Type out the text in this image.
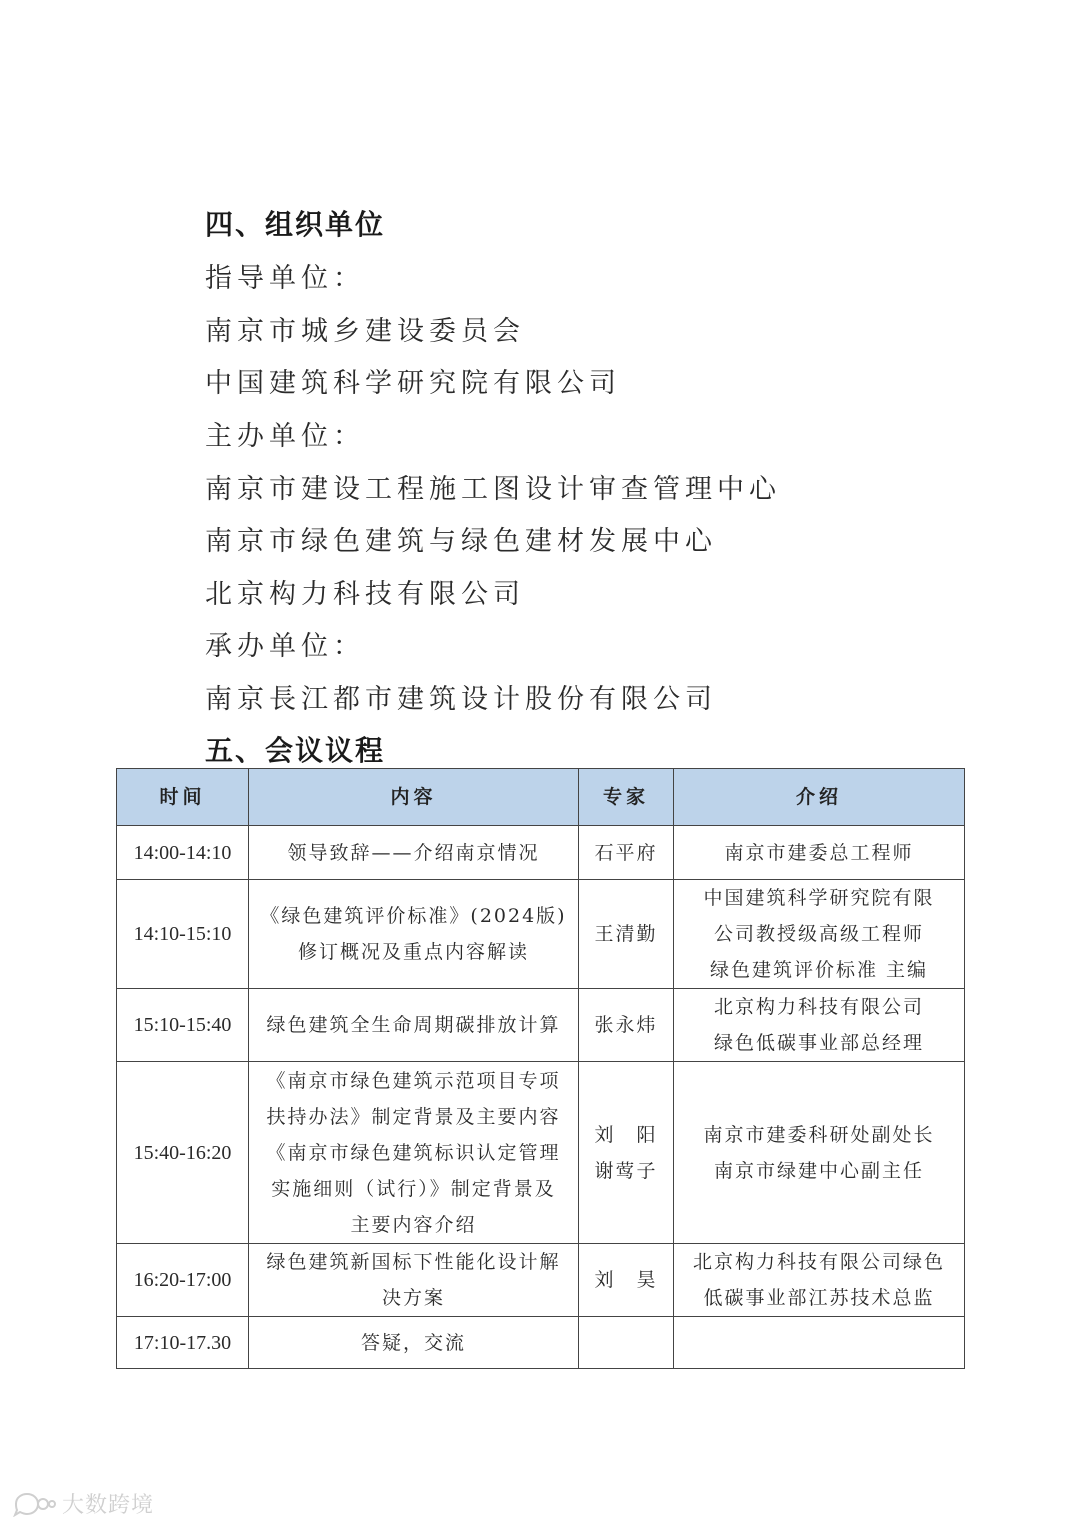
四、组织单位
指导单位：
南京市城乡建设委员会
中国建筑科学研究院有限公司
主办单位：
南京市建设工程施工图设计审查管理中心
南京市绿色建筑与绿色建材发展中心
北京构力科技有限公司
承办单位：
南京長江都市建筑设计股份有限公司
五、会议议程
时间	内容	专家	介绍
14:00-14:10	领导致辞——介绍南京情况	石平府	南京市建委总工程师

14:10-15:10	《绿色建筑评价标准》(2024版)
修订概况及重点内容解读	王清勤	中国建筑科学研究院有限
公司教授级高级工程师
绿色建筑评价标准 主编

15:10-15:40	绿色建筑全生命周期碳排放计算	张永炜	北京构力科技有限公司
绿色低碳事业部总经理

15:40-16:20	《南京市绿色建筑示范项目专项
扶持办法》制定背景及主要内容
《南京市绿色建筑标识认定管理
实施细则（试行）》制定背景及
主要内容介绍	刘　阳
谢莺子	南京市建委科研处副处长
南京市绿建中心副主任

16:20-17:00	绿色建筑新国标下性能化设计解
决方案	刘　昊	北京构力科技有限公司绿色
低碳事业部江苏技术总监

17:10-17.30	答疑，交流		

大数跨境
